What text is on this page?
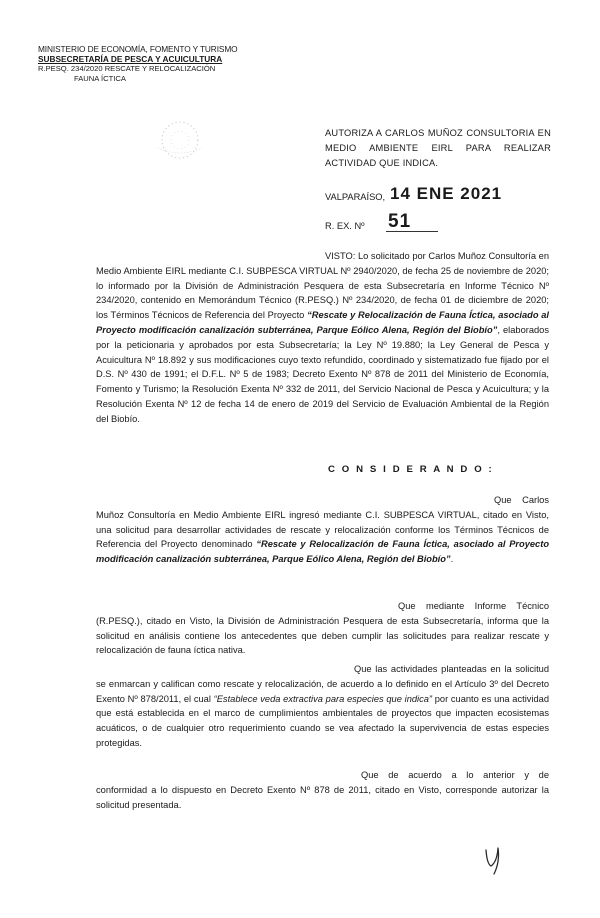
MINISTERIO DE ECONOMÍA, FOMENTO Y TURISMO
SUBSECRETARÍA DE PESCA Y ACUICULTURA
R.PESQ. 234/2020 RESCATE Y RELOCALIZACIÓN
FAUNA ÍCTICA
AUTORIZA A CARLOS MUÑOZ CONSULTORIA EN MEDIO AMBIENTE EIRL PARA REALIZAR ACTIVIDAD QUE INDICA.
VALPARAÍSO, 14 ENE 2021
R. EX. Nº 51
VISTO: Lo solicitado por Carlos Muñoz Consultoría en Medio Ambiente EIRL mediante C.I. SUBPESCA VIRTUAL Nº 2940/2020, de fecha 25 de noviembre de 2020; lo informado por la División de Administración Pesquera de esta Subsecretaría en Informe Técnico Nº 234/2020, contenido en Memorándum Técnico (R.PESQ.) Nº 234/2020, de fecha 01 de diciembre de 2020; los Términos Técnicos de Referencia del Proyecto “Rescate y Relocalización de Fauna Íctica, asociado al Proyecto modificación canalización subterránea, Parque Eólico Alena, Región del Biobío”, elaborados por la peticionaria y aprobados por esta Subsecretaría; la Ley Nº 19.880; la Ley General de Pesca y Acuicultura Nº 18.892 y sus modificaciones cuyo texto refundido, coordinado y sistematizado fue fijado por el D.S. Nº 430 de 1991; el D.F.L. Nº 5 de 1983; Decreto Exento Nº 878 de 2011 del Ministerio de Economía, Fomento y Turismo; la Resolución Exenta Nº 332 de 2011, del Servicio Nacional de Pesca y Acuicultura; y la Resolución Exenta Nº 12 de fecha 14 de enero de 2019 del Servicio de Evaluación Ambiental de la Región del Biobío.
C O N S I D E R A N D O :
Que Carlos Muñoz Consultoría en Medio Ambiente EIRL ingresó mediante C.I. SUBPESCA VIRTUAL, citado en Visto, una solicitud para desarrollar actividades de rescate y relocalización conforme los Términos Técnicos de Referencia del Proyecto denominado “Rescate y Relocalización de Fauna Íctica, asociado al Proyecto modificación canalización subterránea, Parque Eólico Alena, Región del Biobío”.
Que mediante Informe Técnico (R.PESQ.), citado en Visto, la División de Administración Pesquera de esta Subsecretaría, informa que la solicitud en análisis contiene los antecedentes que deben cumplir las solicitudes para realizar rescate y relocalización de fauna íctica nativa.
Que las actividades planteadas en la solicitud se enmarcan y califican como rescate y relocalización, de acuerdo a lo definido en el Artículo 3º del Decreto Exento Nº 878/2011, el cual “Establece veda extractiva para especies que indica” por cuanto es una actividad que está establecida en el marco de cumplimientos ambientales de proyectos que impacten ecosistemas acuáticos, o de cualquier otro requerimiento cuando se vea afectado la supervivencia de estas especies protegidas.
Que de acuerdo a lo anterior y de conformidad a lo dispuesto en Decreto Exento Nº 878 de 2011, citado en Visto, corresponde autorizar la solicitud presentada.
